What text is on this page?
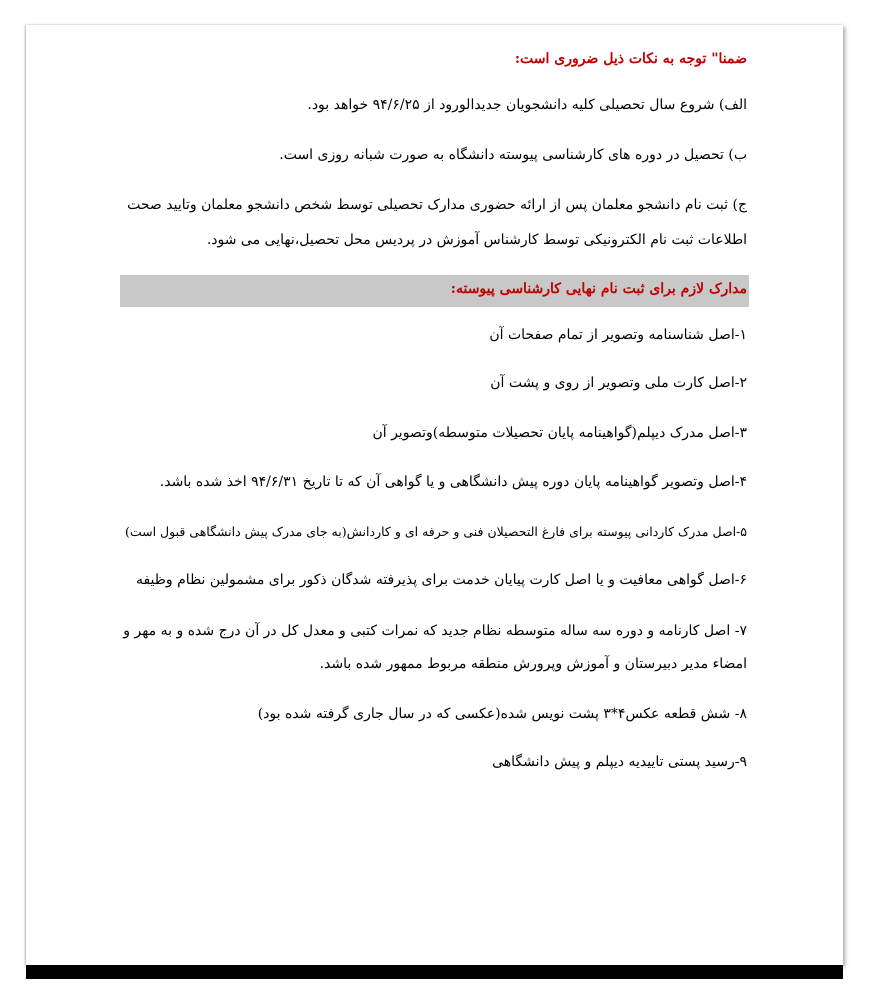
ضمنا" توجه به نکات ذیل ضروری است:
الف) شروع سال تحصیلی کلیه دانشجویان جدیدالورود از ۹۴/۶/۲۵ خواهد بود.
ب) تحصیل در دوره های کارشناسی پیوسته دانشگاه به صورت شبانه روزی است.
ج) ثبت نام دانشجو معلمان پس از ارائه حضوری مدارک تحصیلی توسط شخص دانشجو معلمان وتایید صحت
اطلاعات ثبت نام الکترونیکی توسط کارشناس آموزش در پردیس محل تحصیل،نهایی می شود.
مدارک لازم برای ثبت نام نهایی کارشناسی پیوسته:
۱-اصل شناسنامه وتصویر از تمام صفحات آن
۲-اصل کارت ملی وتصویر از روی و پشت آن
۳-اصل مدرک دیپلم(گواهینامه پایان تحصیلات متوسطه)وتصویر آن
۴-اصل وتصویر گواهینامه پایان دوره پیش دانشگاهی و یا گواهی آن که تا تاریخ ۹۴/۶/۳۱ اخذ شده باشد.
۵-اصل مدرک کاردانی پیوسته برای فارغ التحصیلان فنی و حرفه ای و کاردانش(به جای مدرک پیش دانشگاهی قبول است)
۶-اصل گواهی معافیت و یا اصل کارت پیایان خدمت برای پذیرفته شدگان ذکور برای مشمولین نظام وظیفه
۷- اصل کارنامه و دوره سه ساله متوسطه نظام جدید که نمرات کتبی و معدل کل در آن درج شده و به مهر و
امضاء مدیر دبیرستان و آموزش وپرورش منطقه مربوط ممهور شده باشد.
۸- شش قطعه عکس۴*۳ پشت نویس شده(عکسی که در سال جاری گرفته شده بود)
۹-رسید پستی تاییدیه دیپلم و پیش دانشگاهی
